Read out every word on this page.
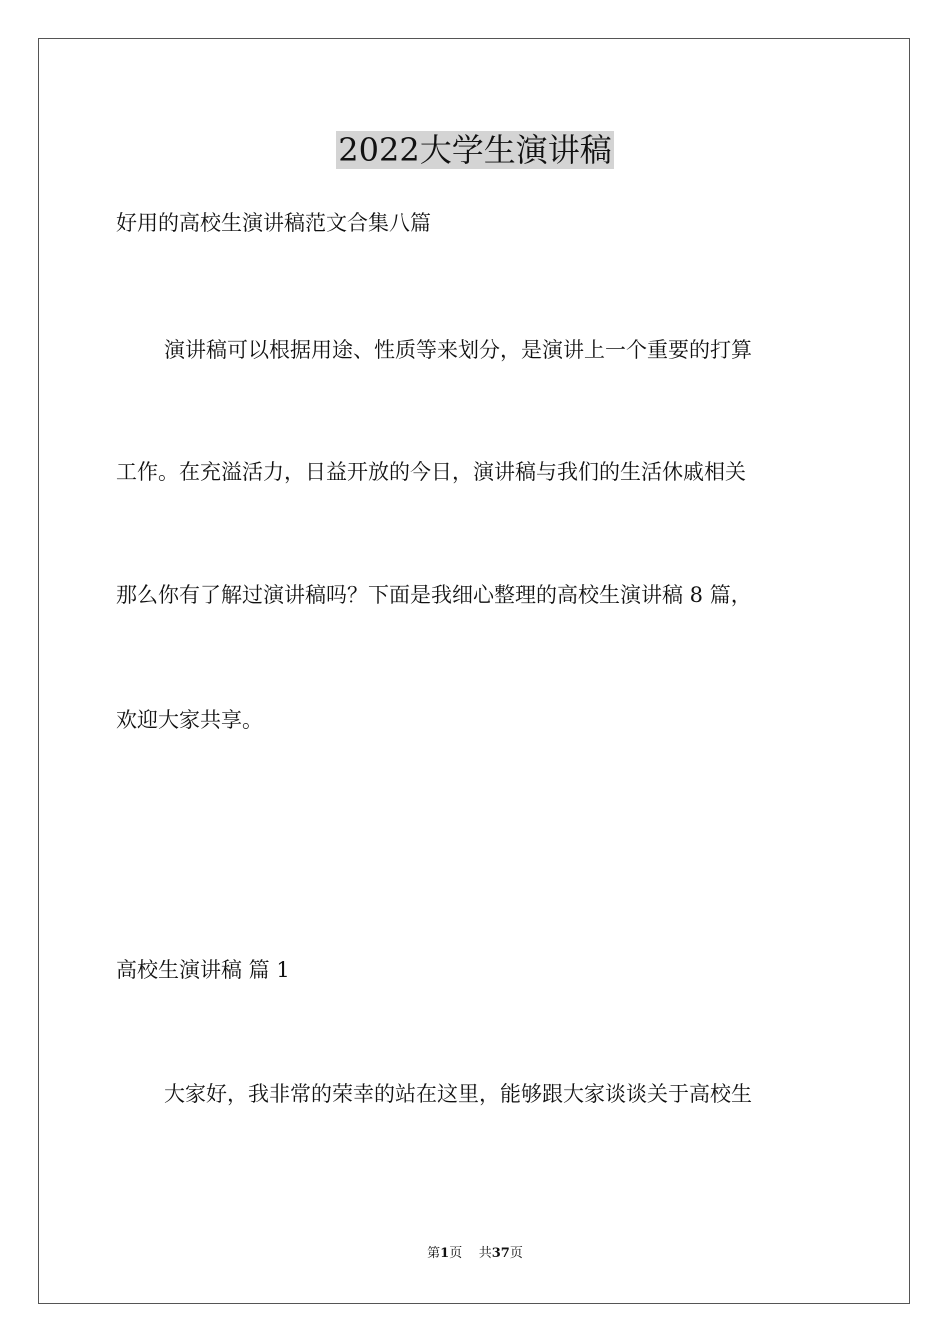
2022大学生演讲稿

好用的高校生演讲稿范文合集八篇

演讲稿可以根据用途、性质等来划分，是演讲上一个重要的打算

工作。在充溢活力，日益开放的今日，演讲稿与我们的生活休戚相关

那么你有了解过演讲稿吗？下面是我细心整理的高校生演讲稿 8 篇，

欢迎大家共享。

高校生演讲稿 篇 1

大家好，我非常的荣幸的站在这里，能够跟大家谈谈关于高校生

第1页 共37页
